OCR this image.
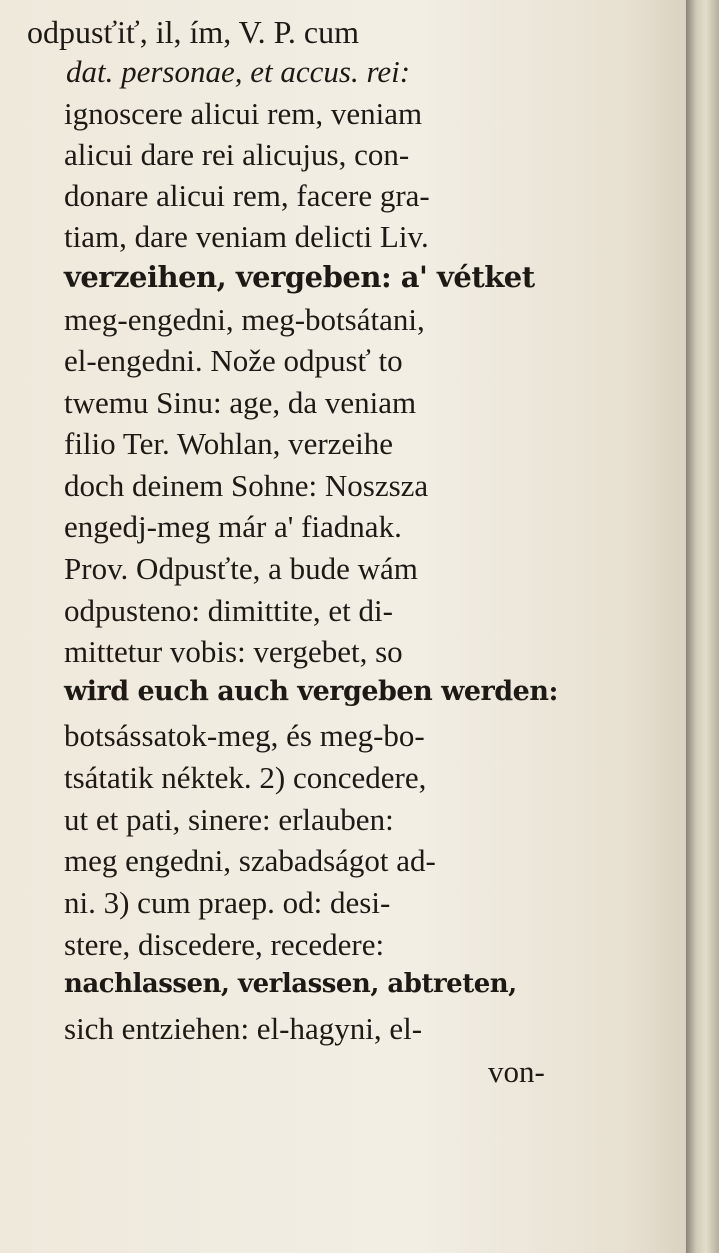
odpusťiť, il, ím, V. P. cum
dat. personae, et accus. rei:
ignoscere alicui rem, veniam
alicui dare rei alicujus, con-
donare alicui rem, facere gra-
tiam, dare veniam delicti Liv.
verzeihen, vergeben: a' vétket
meg-engedni, meg-botsátani,
el-engedni. Nože odpusť to
twemu Sinu: age, da veniam
filio Ter. Wohlan, verzeihe
doch deinem Sohne: Noszsza
engedj-meg már a' fiadnak.
Prov. Odpusťte, a bude wám
odpusteno: dimittite, et di-
mittetur vobis: vergebet, so
wird euch auch vergeben werden:
botsássatok-meg, és meg-bo-
tsátatik néktek. 2) concedere,
ut et pati, sinere: erlauben:
meg engedni, szabadságot ad-
ni. 3) cum praep. od: desi-
stere, discedere, recedere:
nachlassen, verlassen, abtreten,
sich entziehen: el-hagyni, el-
von-
